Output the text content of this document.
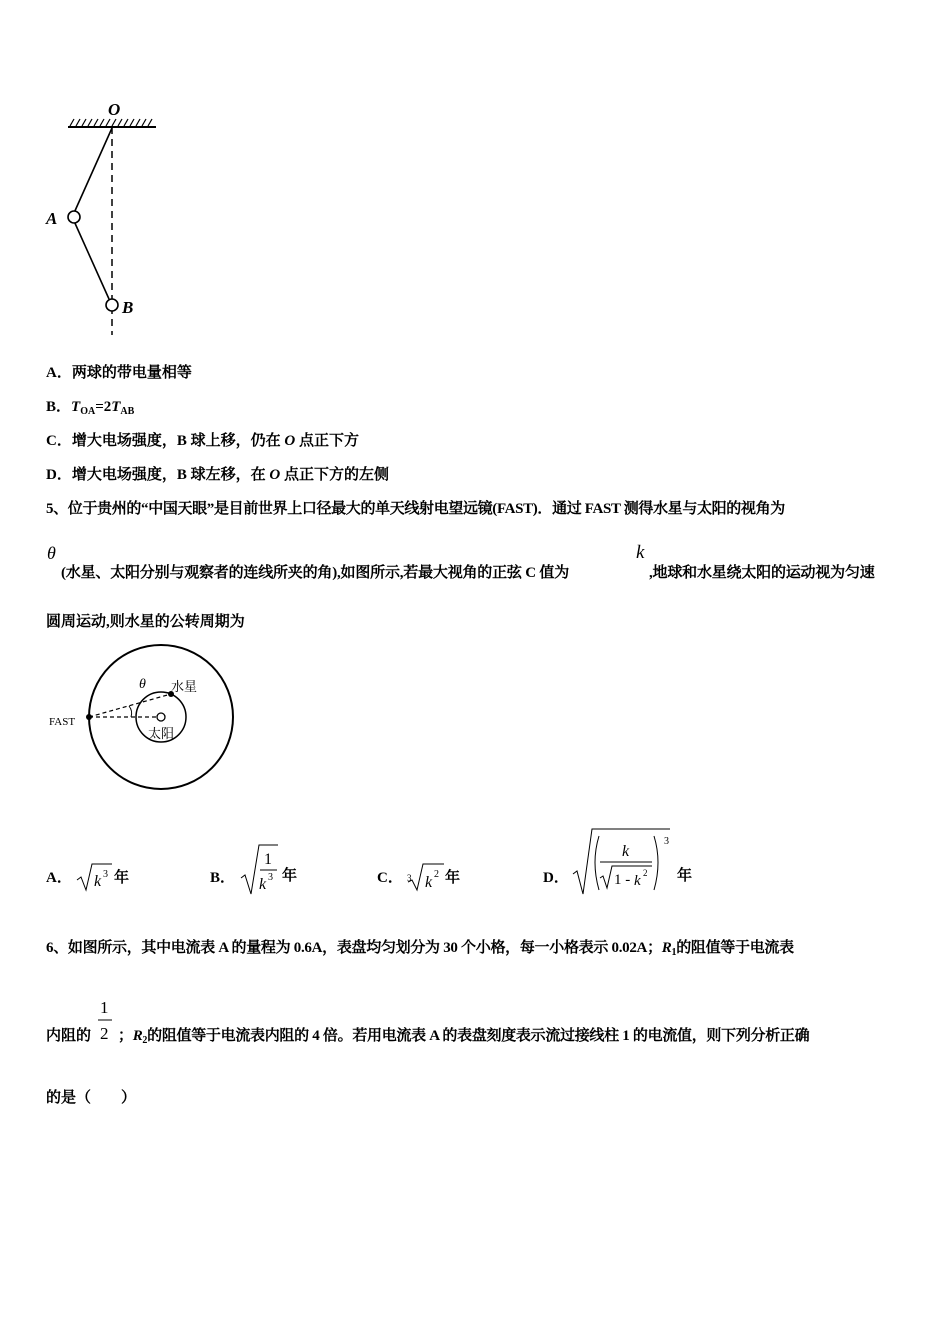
O
A
B
A．两球的带电量相等
B．$T_{OA}=2T_{AB}$
C．增大电场强度，B 球上移，仍在 O 点正下方
D．增大电场强度，B 球左移，在 O 点正下方的左侧
5、位于贵州的“中国天眼”是目前世界上口径最大的单天线射电望远镜(FAST)．通过 FAST 测得水星与太阳的视角为
θ
(水星、太阳分别与观察者的连线所夹的角),如图所示,若最大视角的正弦 C 值为
k
,地球和水星绕太阳的运动视为匀速
圆周运动,则水星的公转周期为
θ
FAST
水星
太阳
A． k 3 年	B．
1
k 3 年	C． 3 k 2 年	D．
3
k
1 - k 2 年
6、如图所示，其中电流表 A 的量程为 0.6A，表盘均匀划分为 30 个小格，每一小格表示 0.02A；$R_1$的阻值等于电流表
内阻的
1
2 ；$R_2$的阻值等于电流表内阻的 4 倍。若用电流表 A 的表盘刻度表示流过接线柱 1 的电流值，则下列分析正确
的是（　　）
